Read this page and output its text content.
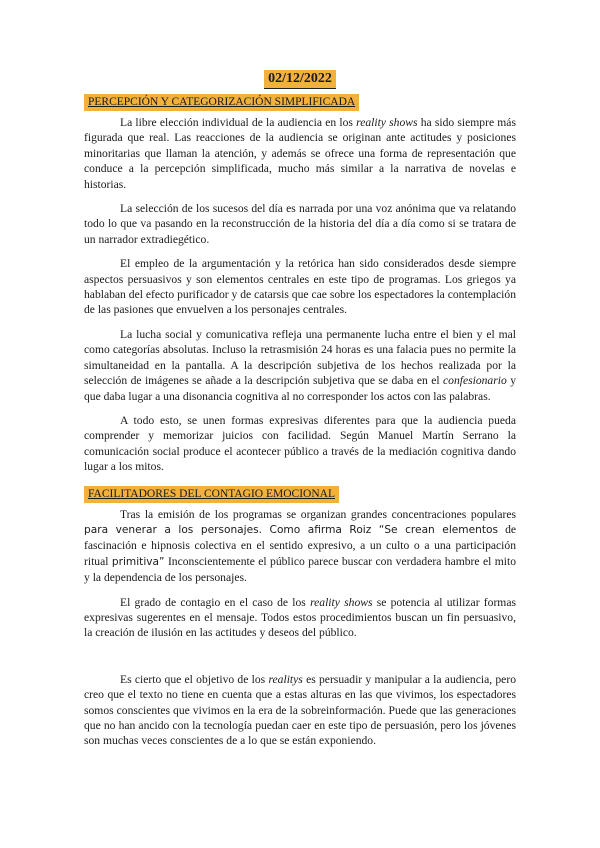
02/12/2022
PERCEPCIÓN Y CATEGORIZACIÓN SIMPLIFICADA

La libre elección individual de la audiencia en los reality shows ha sido siempre más figurada que real. Las reacciones de la audiencia se originan ante actitudes y posiciones minoritarias que llaman la atención, y además se ofrece una forma de representación que conduce a la percepción simplificada, mucho más similar a la narrativa de novelas e historias.

La selección de los sucesos del día es narrada por una voz anónima que va relatando todo lo que va pasando en la reconstrucción de la historia del día a día como si se tratara de un narrador extradiegético.

El empleo de la argumentación y la retórica han sido considerados desde siempre aspectos persuasivos y son elementos centrales en este tipo de programas. Los griegos ya hablaban del efecto purificador y de catarsis que cae sobre los espectadores la contemplación de las pasiones que envuelven a los personajes centrales.

La lucha social y comunicativa refleja una permanente lucha entre el bien y el mal como categorías absolutas. Incluso la retrasmisión 24 horas es una falacia pues no permite la simultaneidad en la pantalla. A la descripción subjetiva de los hechos realizada por la selección de imágenes se añade a la descripción subjetiva que se daba en el confesionario y que daba lugar a una disonancia cognitiva al no corresponder los actos con las palabras.

A todo esto, se unen formas expresivas diferentes para que la audiencia pueda comprender y memorizar juicios con facilidad. Según Manuel Martín Serrano la comunicación social produce el acontecer público a través de la mediación cognitiva dando lugar a los mitos.

FACILITADORES DEL CONTAGIO EMOCIONAL

Tras la emisión de los programas se organizan grandes concentraciones populares para venerar a los personajes. Como afirma Roiz “Se crean elementos de fascinación e hipnosis colectiva en el sentido expresivo, a un culto o a una participación ritual primitiva” Inconscientemente el público parece buscar con verdadera hambre el mito y la dependencia de los personajes.

El grado de contagio en el caso de los reality shows se potencia al utilizar formas expresivas sugerentes en el mensaje. Todos estos procedimientos buscan un fin persuasivo, la creación de ilusión en las actitudes y deseos del público.

Es cierto que el objetivo de los realitys es persuadir y manipular a la audiencia, pero creo que el texto no tiene en cuenta que a estas alturas en las que vivimos, los espectadores somos conscientes que vivimos en la era de la sobreinformación. Puede que las generaciones que no han ancido con la tecnología puedan caer en este tipo de persuasión, pero los jóvenes son muchas veces conscientes de a lo que se están exponiendo.
